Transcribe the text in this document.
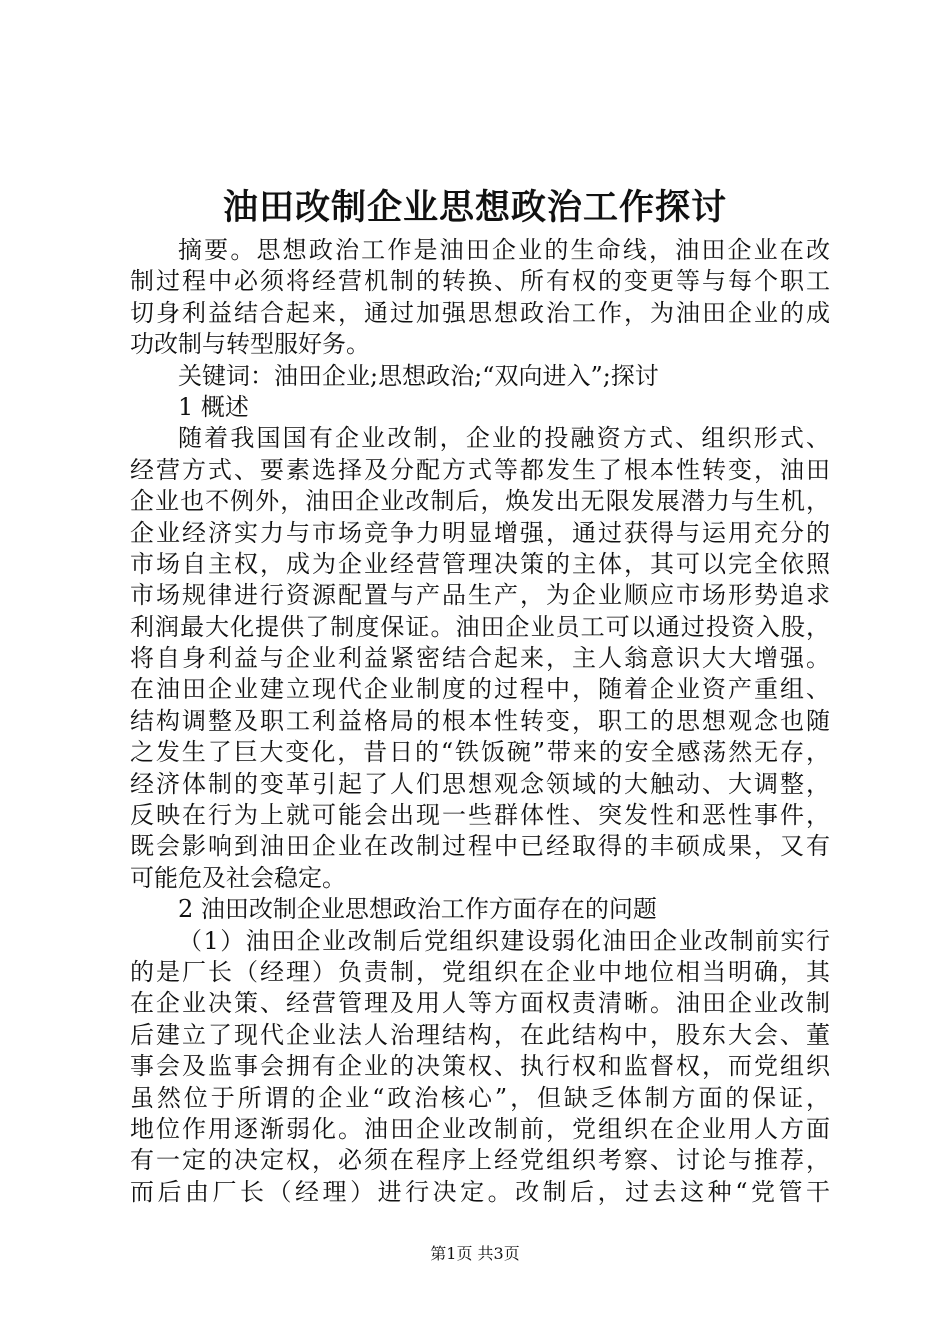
油田改制企业思想政治工作探讨
摘要。思想政治工作是油田企业的生命线，油田企业在改
制过程中必须将经营机制的转换、所有权的变更等与每个职工
切身利益结合起来，通过加强思想政治工作，为油田企业的成
功改制与转型服好务。
关键词：油田企业;思想政治;“双向进入”;探讨
1 概述
随着我国国有企业改制，企业的投融资方式、组织形式、
经营方式、要素选择及分配方式等都发生了根本性转变，油田
企业也不例外，油田企业改制后，焕发出无限发展潜力与生机，
企业经济实力与市场竞争力明显增强，通过获得与运用充分的
市场自主权，成为企业经营管理决策的主体，其可以完全依照
市场规律进行资源配置与产品生产，为企业顺应市场形势追求
利润最大化提供了制度保证。油田企业员工可以通过投资入股，
将自身利益与企业利益紧密结合起来，主人翁意识大大增强。
在油田企业建立现代企业制度的过程中，随着企业资产重组、
结构调整及职工利益格局的根本性转变，职工的思想观念也随
之发生了巨大变化，昔日的“铁饭碗”带来的安全感荡然无存，
经济体制的变革引起了人们思想观念领域的大触动、大调整，
反映在行为上就可能会出现一些群体性、突发性和恶性事件，
既会影响到油田企业在改制过程中已经取得的丰硕成果，又有
可能危及社会稳定。
2 油田改制企业思想政治工作方面存在的问题
（1）油田企业改制后党组织建设弱化油田企业改制前实行
的是厂长（经理）负责制，党组织在企业中地位相当明确，其
在企业决策、经营管理及用人等方面权责清晰。油田企业改制
后建立了现代企业法人治理结构，在此结构中，股东大会、董
事会及监事会拥有企业的决策权、执行权和监督权，而党组织
虽然位于所谓的企业“政治核心”，但缺乏体制方面的保证，
地位作用逐渐弱化。油田企业改制前，党组织在企业用人方面
有一定的决定权，必须在程序上经党组织考察、讨论与推荐，
而后由厂长（经理）进行决定。改制后，过去这种“党管干
第1页 共3页
